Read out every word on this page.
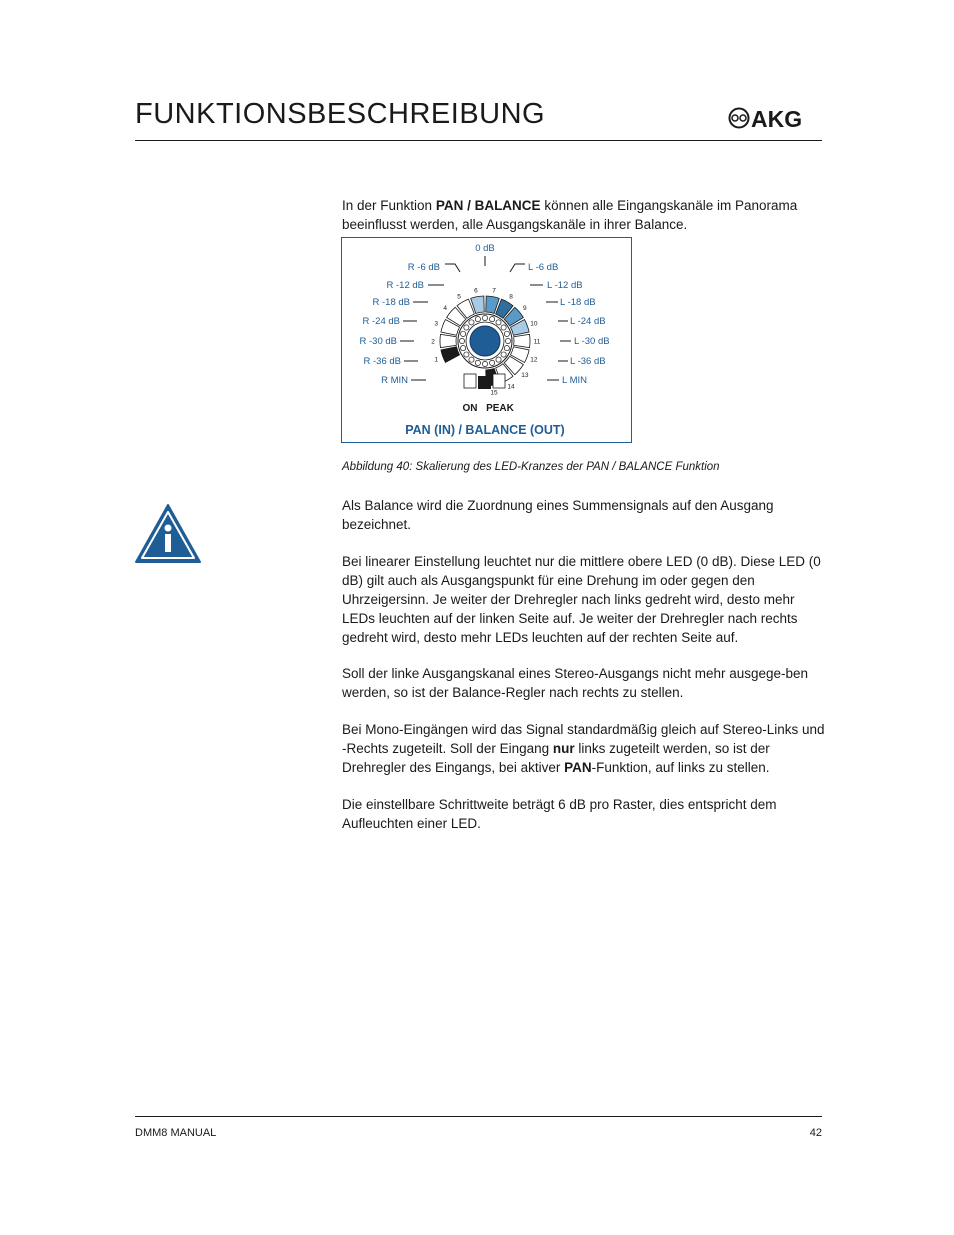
FUNKTIONSBESCHREIBUNG	AKG

In der Funktion PAN / BALANCE können alle Eingangskanäle im Panorama beeinflusst werden, alle Ausgangskanäle in ihrer Balance.

1
2
3
4
5
6 7
8
9
10
11
12
13
14
15
0 dB
R -6 dB	L -6 dB
R -12 dB	L -12 dB
R -18 dB	L -18 dB
R -24 dB	L -24 dB
R -30 dB	L -30 dB
R -36 dB	L -36 dB
R MIN	L MIN
ON PEAK
PAN (IN) / BALANCE (OUT)
Abbildung 40: Skalierung des LED-Kranzes der PAN / BALANCE Funktion

Als Balance wird die Zuordnung eines Summensignals auf den Ausgang bezeichnet.

Bei linearer Einstellung leuchtet nur die mittlere obere LED (0 dB). Diese LED (0 dB) gilt auch als Ausgangspunkt für eine Drehung im oder gegen den Uhrzeigersinn. Je weiter der Drehregler nach links gedreht wird, desto mehr LEDs leuchten auf der linken Seite auf. Je weiter der Drehregler nach rechts gedreht wird, desto mehr LEDs leuchten auf der rechten Seite auf.

Soll der linke Ausgangskanal eines Stereo-Ausgangs nicht mehr ausgege-ben werden, so ist der Balance-Regler nach rechts zu stellen.

Bei Mono-Eingängen wird das Signal standardmäßig gleich auf Stereo-Links und -Rechts zugeteilt. Soll der Eingang nur links zugeteilt werden, so ist der Drehregler des Eingangs, bei aktiver PAN-Funktion, auf links zu stellen.

Die einstellbare Schrittweite beträgt 6 dB pro Raster, dies entspricht dem Aufleuchten einer LED.

DMM8 MANUAL	42
